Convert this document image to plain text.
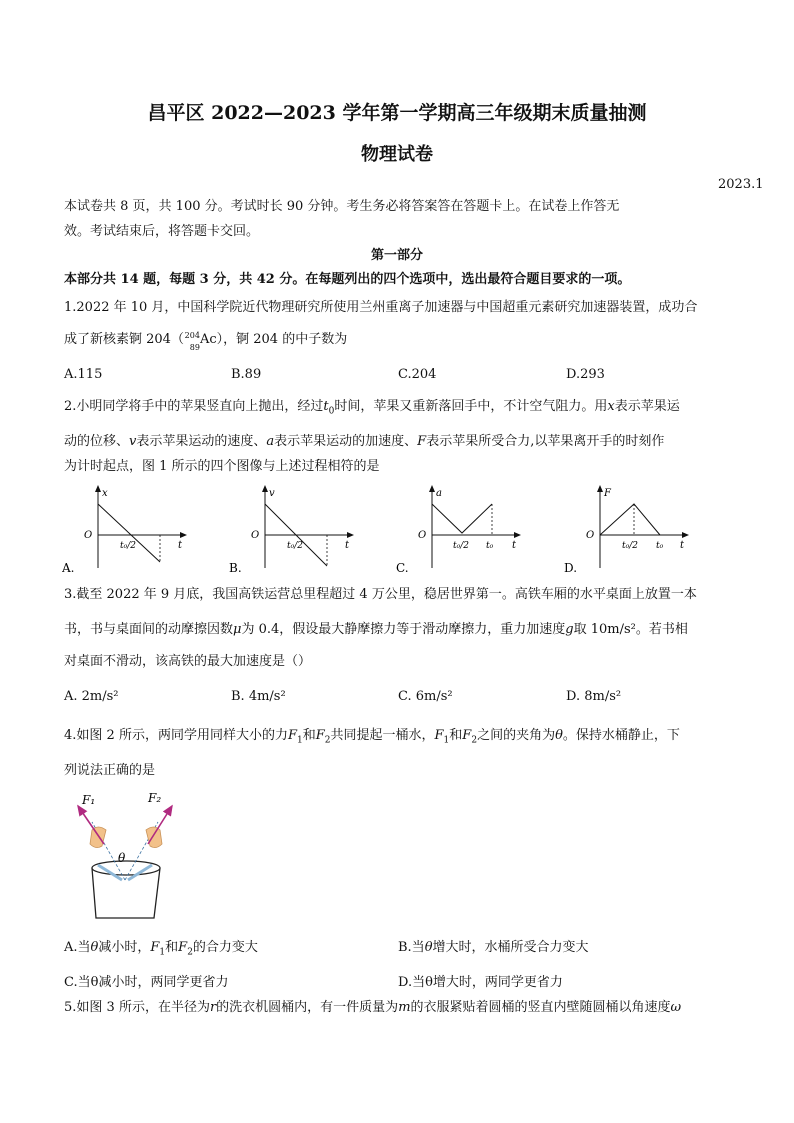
昌平区 2022—2023 学年第一学期高三年级期末质量抽测
物理试卷
2023.1
本试卷共 8 页，共 100 分。考试时长 90 分钟。考生务必将答案答在答题卡上。在试卷上作答无
效。考试结束后，将答题卡交回。
第一部分
本部分共 14 题，每题 3 分，共 42 分。在每题列出的四个选项中，选出最符合题目要求的一项。
1.2022 年 10 月，中国科学院近代物理研究所使用兰州重离子加速器与中国超重元素研究加速器装置，成功合
成了新核素锕 204（ 204
89 Ac），锕 204 的中子数为
A.115	B.89	C.204	D.293
2.小明同学将手中的苹果竖直向上抛出，经过$t_0$时间，苹果又重新落回手中，不计空气阻力。用x表示苹果运
动的位移、v表示苹果运动的速度、a表示苹果运动的加速度、F表示苹果所受合力,以苹果离开手的时刻作
为计时起点，图 1 所示的四个图像与上述过程相符的是
x
O
t₀/2	t
A.
v
O
t₀/2	t
B.
a
O
t₀/2 t₀ t
C.
F
O
t₀/2 t₀ t
D.
3.截至 2022 年 9 月底，我国高铁运营总里程超过 4 万公里，稳居世界第一。高铁车厢的水平桌面上放置一本
书，书与桌面间的动摩擦因数μ为 0.4，假设最大静摩擦力等于滑动摩擦力，重力加速度g取 10m/s²。若书相
对桌面不滑动，该高铁的最大加速度是（）
A. 2m/s²	B. 4m/s²	C. 6m/s²	D. 8m/s²
4.如图 2 所示，两同学用同样大小的力$F_1$和$F_2$共同提起一桶水，$F_1$和$F_2$之间的夹角为θ。保持水桶静止，下
列说法正确的是
F₁	F₂
θ
A.当θ减小时，$F_1$和$F_2$的合力变大	B.当θ增大时，水桶所受合力变大
C.当θ减小时，两同学更省力	D.当θ增大时，两同学更省力
5.如图 3 所示，在半径为r的洗衣机圆桶内，有一件质量为m的衣服紧贴着圆桶的竖直内壁随圆桶以角速度ω
